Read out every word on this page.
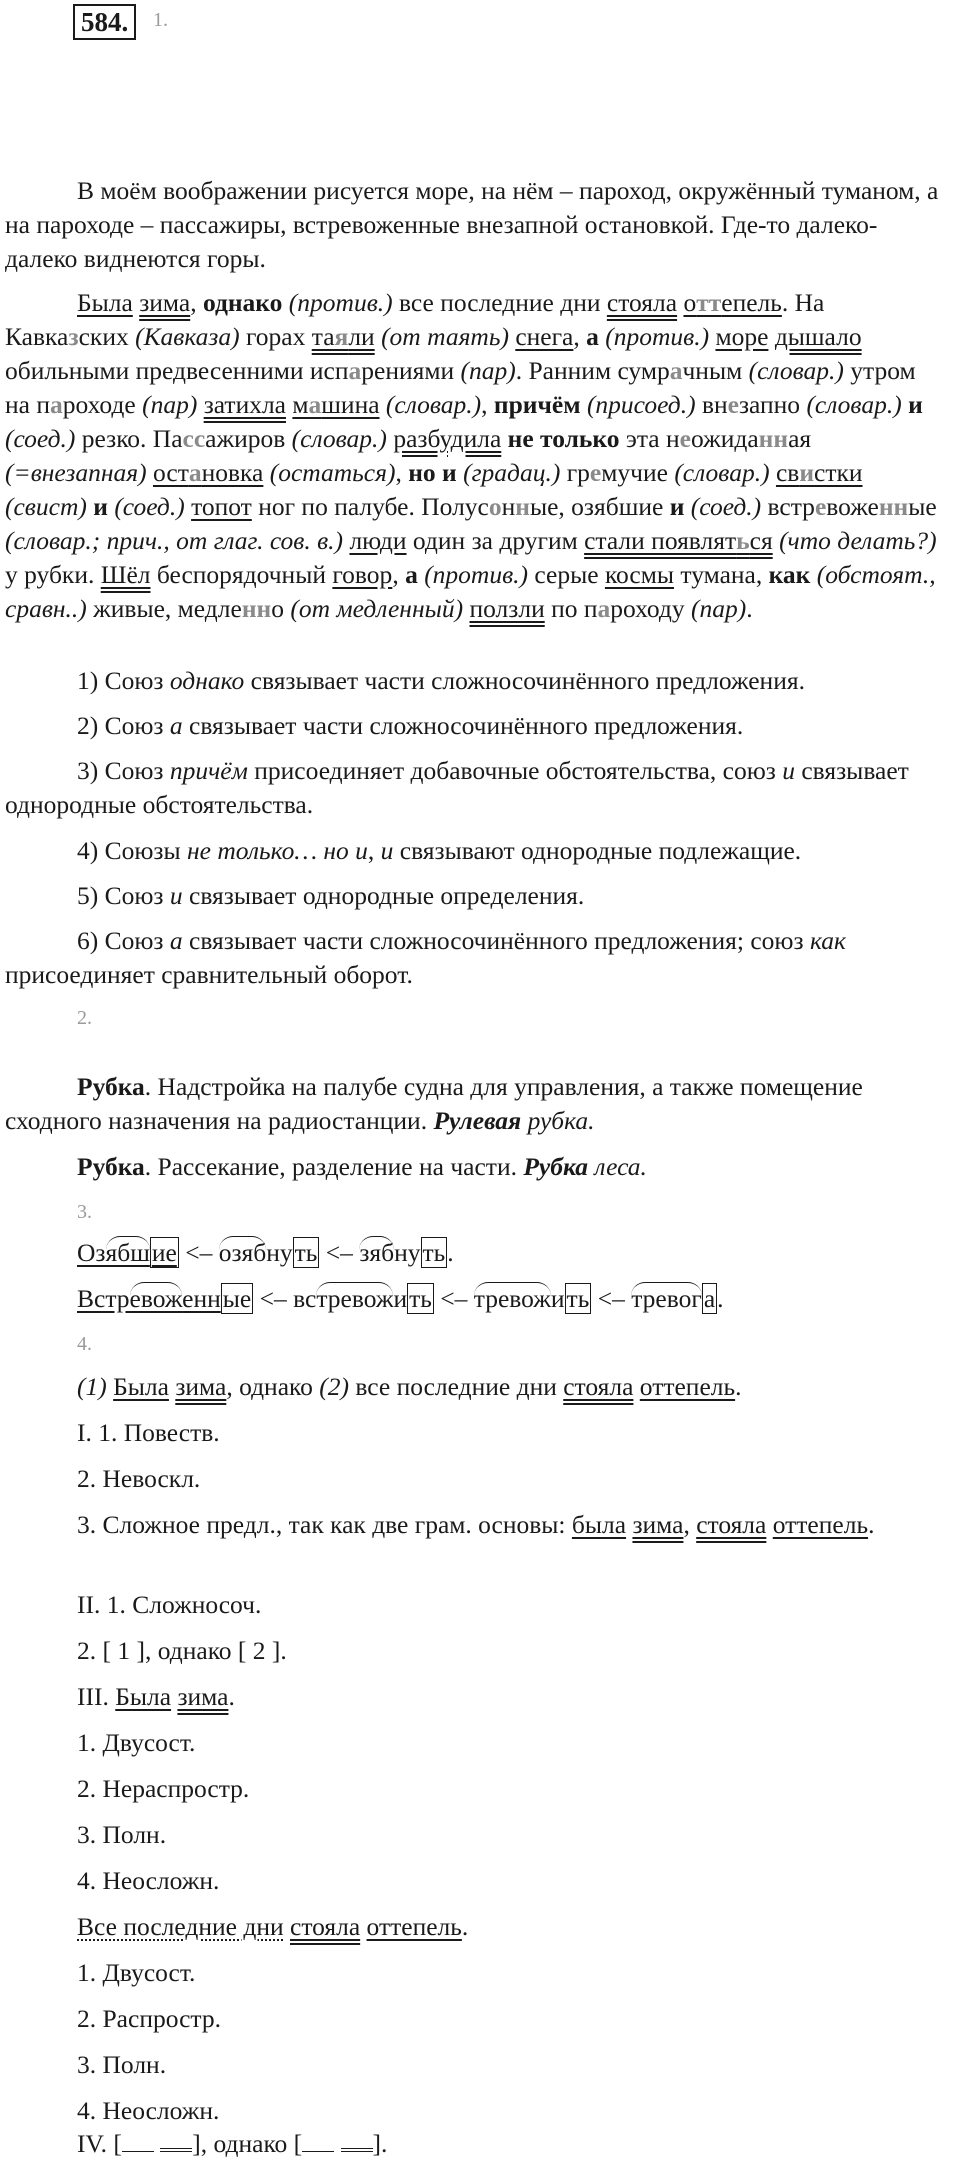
584.	1.

В моём воображении рисуется море, на нём – пароход, окружённый туманом, а на пароходе – пассажиры, встревоженные внезапной остановкой. Где-то далеко-далеко виднеются горы.

Была зима, однако (против.) все последние дни стояла оттепель. На Кавказских (Кавказа) горах таяли (от таять) снега, а (против.) море дышало обильными предвесенними испарениями (пар). Ранним сумрачным (словар.) утром на пароходе (пар) затихла машина (словар.), причём (присоед.) внезапно (словар.) и (соед.) резко. Пассажиров (словар.) разбудила не только эта неожиданная (=внезапная) остановка (остаться), но и (градац.) гремучие (словар.) свистки (свист) и (соед.) топот ног по палубе. Полусонные, озябшие и (соед.) встревоженные (словар.; прич., от глаг. сов. в.) люди один за другим стали появляться (что делать?) у рубки. Шёл беспорядочный говор, а (против.) серые космы тумана, как (обстоят., сравн..) живые, медленно (от медленный) ползли по пароходу (пар).

1) Союз однако связывает части сложносочинённого предложения.

2) Союз а связывает части сложносочинённого предложения.

3) Союз причём присоединяет добавочные обстоятельства, союз и связывает однородные обстоятельства.

4) Союзы не только… но и, и связывают однородные подлежащие.

5) Союз и связывает однородные определения.

6) Союз а связывает части сложносочинённого предложения; союз как присоединяет сравнительный оборот.

2.

Рубка. Надстройка на палубе судна для управления, а также помещение сходного назначения на радиостанции. Рулевая рубка.

Рубка. Рассекание, разделение на части. Рубка леса.

3.

Озябшие <– озябнуть <– зябнуть.

Встревоженные <– встревожить <– тревожить <– тревога.

4.

(1) Была зима, однако (2) все последние дни стояла оттепель.

I. 1. Повеств.

2. Невоскл.

3. Сложное предл., так как две грам. основы: была зима, стояла оттепель.

II. 1. Сложносоч.

2. [ 1 ], однако [ 2 ].

III. Была зима.

1. Двусост.

2. Нераспростр.

3. Полн.

4. Неосложн.

Все последние дни стояла оттепель.

1. Двусост.

2. Распростр.

3. Полн.

4. Неосложн.

IV. [	], однако [	].
